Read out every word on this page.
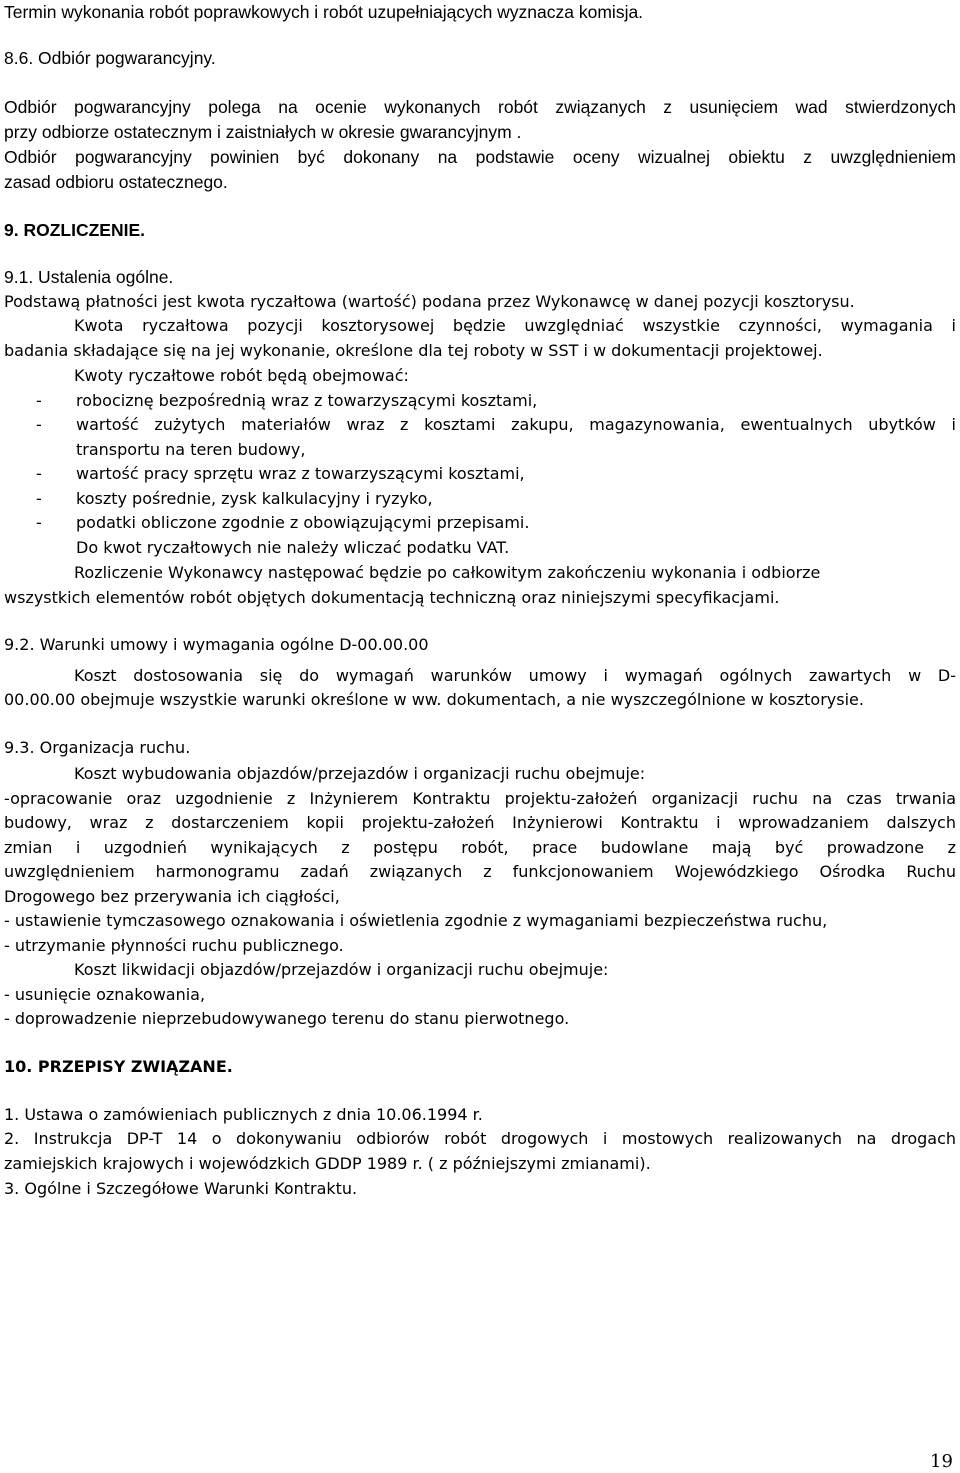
Termin wykonania robót poprawkowych i robót uzupełniających wyznacza komisja.
8.6. Odbiór pogwarancyjny.
Odbiór pogwarancyjny polega na ocenie wykonanych robót związanych z usunięciem wad stwierdzonych
przy odbiorze ostatecznym i zaistniałych w okresie gwarancyjnym .
Odbiór pogwarancyjny powinien być dokonany na podstawie oceny wizualnej obiektu z uwzględnieniem
zasad odbioru ostatecznego.
9. ROZLICZENIE.
9.1. Ustalenia ogólne.
Podstawą płatności jest kwota ryczałtowa (wartość) podana przez Wykonawcę w danej pozycji kosztorysu.
Kwota ryczałtowa pozycji kosztorysowej będzie uwzględniać wszystkie czynności, wymagania i
badania składające się na jej wykonanie, określone dla tej roboty w SST i w dokumentacji projektowej.
Kwoty ryczałtowe robót będą obejmować:
- robociznę bezpośrednią wraz z towarzyszącymi kosztami,
- wartość zużytych materiałów wraz z kosztami zakupu, magazynowania, ewentualnych ubytków i
transportu na teren budowy,
- wartość pracy sprzętu wraz z towarzyszącymi kosztami,
- koszty pośrednie, zysk kalkulacyjny i ryzyko,
- podatki obliczone zgodnie z obowiązującymi przepisami.
Do kwot ryczałtowych nie należy wliczać podatku VAT.
Rozliczenie Wykonawcy następować będzie po całkowitym zakończeniu wykonania i odbiorze
wszystkich elementów robót objętych dokumentacją techniczną oraz niniejszymi specyfikacjami.
9.2. Warunki umowy i wymagania ogólne D-00.00.00
Koszt dostosowania się do wymagań warunków umowy i wymagań ogólnych zawartych w D-
00.00.00 obejmuje wszystkie warunki określone w ww. dokumentach, a nie wyszczególnione w kosztorysie.
9.3. Organizacja ruchu.
Koszt wybudowania objazdów/przejazdów i organizacji ruchu obejmuje:
-opracowanie oraz uzgodnienie z Inżynierem Kontraktu projektu-założeń organizacji ruchu na czas trwania
budowy, wraz z dostarczeniem kopii projektu-założeń Inżynierowi Kontraktu i wprowadzaniem dalszych
zmian i uzgodnień wynikających z postępu robót, prace budowlane mają być prowadzone z
uwzględnieniem harmonogramu zadań związanych z funkcjonowaniem Wojewódzkiego Ośrodka Ruchu
Drogowego bez przerywania ich ciągłości,
- ustawienie tymczasowego oznakowania i oświetlenia zgodnie z wymaganiami bezpieczeństwa ruchu,
- utrzymanie płynności ruchu publicznego.
Koszt likwidacji objazdów/przejazdów i organizacji ruchu obejmuje:
- usunięcie oznakowania,
- doprowadzenie nieprzebudowywanego terenu do stanu pierwotnego.
10. PRZEPISY ZWIĄZANE.
1. Ustawa o zamówieniach publicznych z dnia 10.06.1994 r.
2. Instrukcja DP-T 14 o dokonywaniu odbiorów robót drogowych i mostowych realizowanych na drogach
zamiejskich krajowych i wojewódzkich GDDP 1989 r. ( z późniejszymi zmianami).
3. Ogólne i Szczegółowe Warunki Kontraktu.
19
